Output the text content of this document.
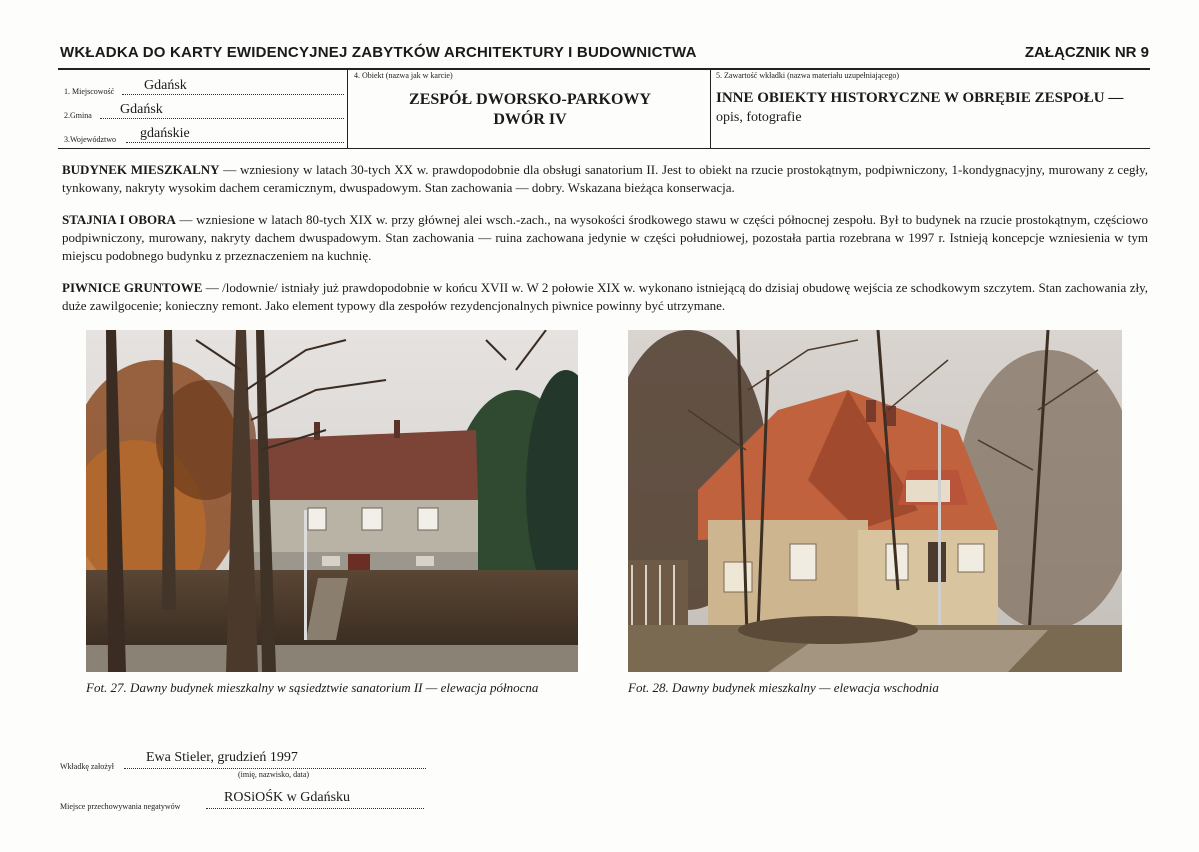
WKŁADKA DO KARTY EWIDENCYJNEJ ZABYTKÓW ARCHITEKTURY I BUDOWNICTWA	ZAŁĄCZNIK NR 9
1. Miejscowość Gdańsk
2.Gmina Gdańsk
3.Województwo gdańskie
4. Obiekt (nazwa jak w karcie)
ZESPÓŁ DWORSKO-PARKOWY
DWÓR IV
5. Zawartość wkładki (nazwa materiału uzupełniającego)
INNE OBIEKTY HISTORYCZNE W OBRĘBIE ZESPOŁU —
opis, fotografie
BUDYNEK MIESZKALNY — wzniesiony w latach 30-tych XX w. prawdopodobnie dla obsługi sanatorium II. Jest to obiekt na rzucie prostokątnym, podpiwniczony, 1-kondygnacyjny, murowany z cegły, tynkowany, nakryty wysokim dachem ceramicznym, dwuspadowym. Stan zachowania — dobry. Wskazana bieżąca konserwacja.
STAJNIA I OBORA — wzniesione w latach 80-tych XIX w. przy głównej alei wsch.-zach., na wysokości środkowego stawu w części północnej zespołu. Był to budynek na rzucie prostokątnym, częściowo podpiwniczony, murowany, nakryty dachem dwuspadowym. Stan zachowania — ruina zachowana jedynie w części południowej, pozostała partia rozebrana w 1997 r. Istnieją koncepcje wzniesienia w tym miejscu podobnego budynku z przeznaczeniem na kuchnię.
PIWNICE GRUNTOWE — /lodownie/ istniały już prawdopodobnie w końcu XVII w. W 2 połowie XIX w. wykonano istniejącą do dzisiaj obudowę wejścia ze schodkowym szczytem. Stan zachowania zły, duże zawilgocenie; konieczny remont. Jako element typowy dla zespołów rezydencjonalnych piwnice powinny być utrzymane.
Fot. 27. Dawny budynek mieszkalny w sąsiedztwie sanatorium II — elewacja północna	Fot. 28. Dawny budynek mieszkalny — elewacja wschodnia
Wkładkę założył
Ewa Stieler, grudzień 1997
(imię, nazwisko, data)
Miejsce przechowywania negatywów
ROSiOŚK w Gdańsku
